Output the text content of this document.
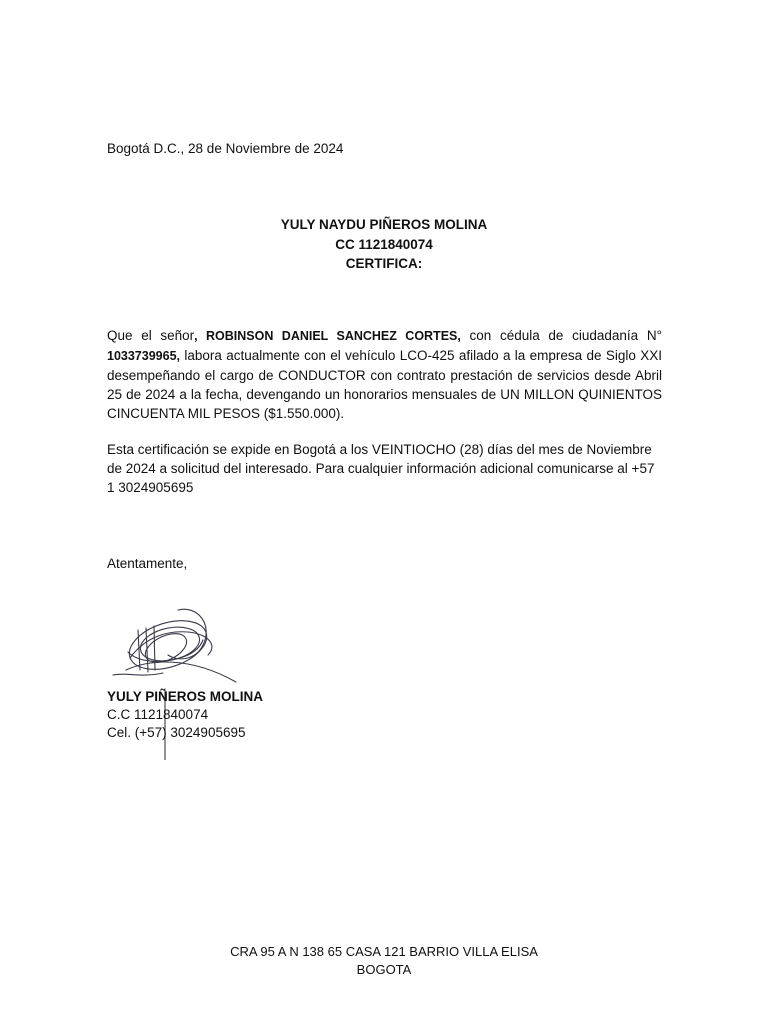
Bogotá D.C., 28 de Noviembre de 2024
YULY NAYDU PIÑEROS MOLINA
CC 1121840074
CERTIFICA:
Que el señor, ROBINSON DANIEL SANCHEZ CORTES, con cédula de ciudadanía N° 1033739965, labora actualmente con el vehículo LCO-425 afilado a la empresa de Siglo XXI desempeñando el cargo de CONDUCTOR con contrato prestación de servicios desde Abril 25 de 2024 a la fecha, devengando un honorarios mensuales de UN MILLON QUINIENTOS CINCUENTA MIL PESOS ($1.550.000).
Esta certificación se expide en Bogotá a los VEINTIOCHO (28) días del mes de Noviembre de 2024 a solicitud del interesado. Para cualquier información adicional comunicarse al +57 1 3024905695
Atentamente,
YULY PIÑEROS MOLINA
C.C 1121840074
Cel. (+57) 3024905695
CRA 95 A N 138 65 CASA 121 BARRIO VILLA ELISA
BOGOTA
